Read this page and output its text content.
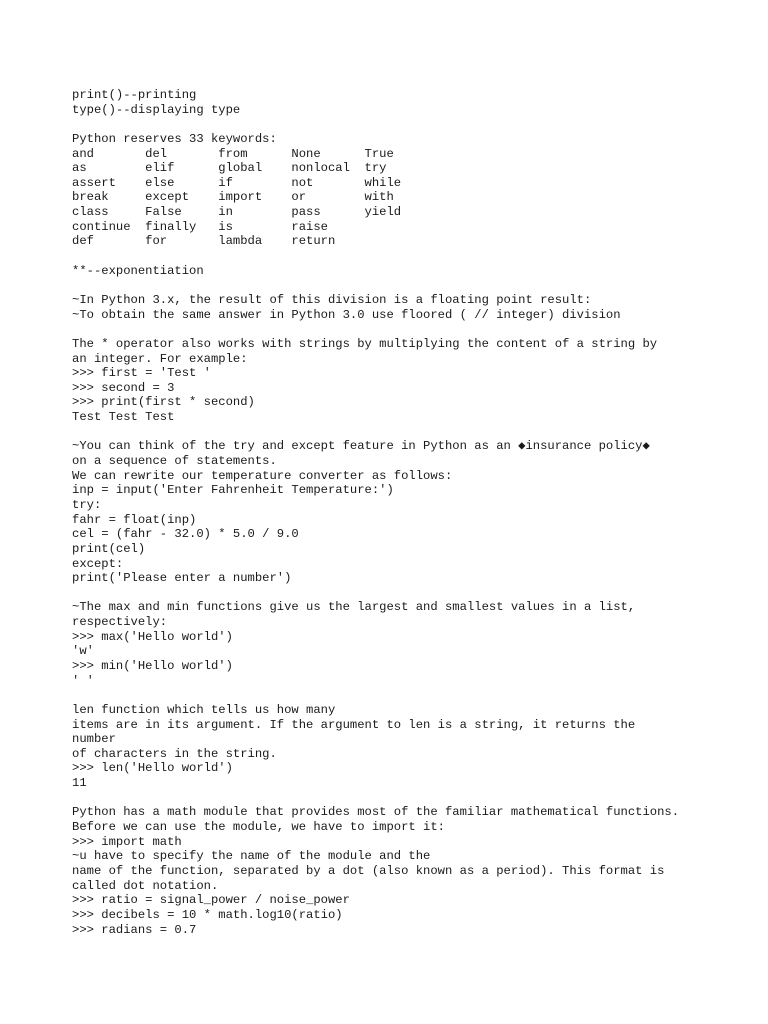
print()--printing
type()--displaying type
Python reserves 33 keywords:
and       del       from      None      True
as        elif      global    nonlocal  try
assert    else      if        not       while
break     except    import    or        with
class     False     in        pass      yield
continue  finally   is        raise
def       for       lambda    return
**--exponentiation
~In Python 3.x, the result of this division is a floating point result:
~To obtain the same answer in Python 3.0 use floored ( // integer) division
The * operator also works with strings by multiplying the content of a string by
an integer. For example:
>>> first = 'Test '
>>> second = 3
>>> print(first * second)
Test Test Test
~You can think of the try and except feature in Python as an ◆insurance policy◆
on a sequence of statements.
We can rewrite our temperature converter as follows:
inp = input('Enter Fahrenheit Temperature:')
try:
fahr = float(inp)
cel = (fahr - 32.0) * 5.0 / 9.0
print(cel)
except:
print('Please enter a number')
~The max and min functions give us the largest and smallest values in a list,
respectively:
>>> max('Hello world')
'w'
>>> min('Hello world')
' '
len function which tells us how many
items are in its argument. If the argument to len is a string, it returns the
number
of characters in the string.
>>> len('Hello world')
11
Python has a math module that provides most of the familiar mathematical functions.
Before we can use the module, we have to import it:
>>> import math
~u have to specify the name of the module and the
name of the function, separated by a dot (also known as a period). This format is
called dot notation.
>>> ratio = signal_power / noise_power
>>> decibels = 10 * math.log10(ratio)
>>> radians = 0.7
